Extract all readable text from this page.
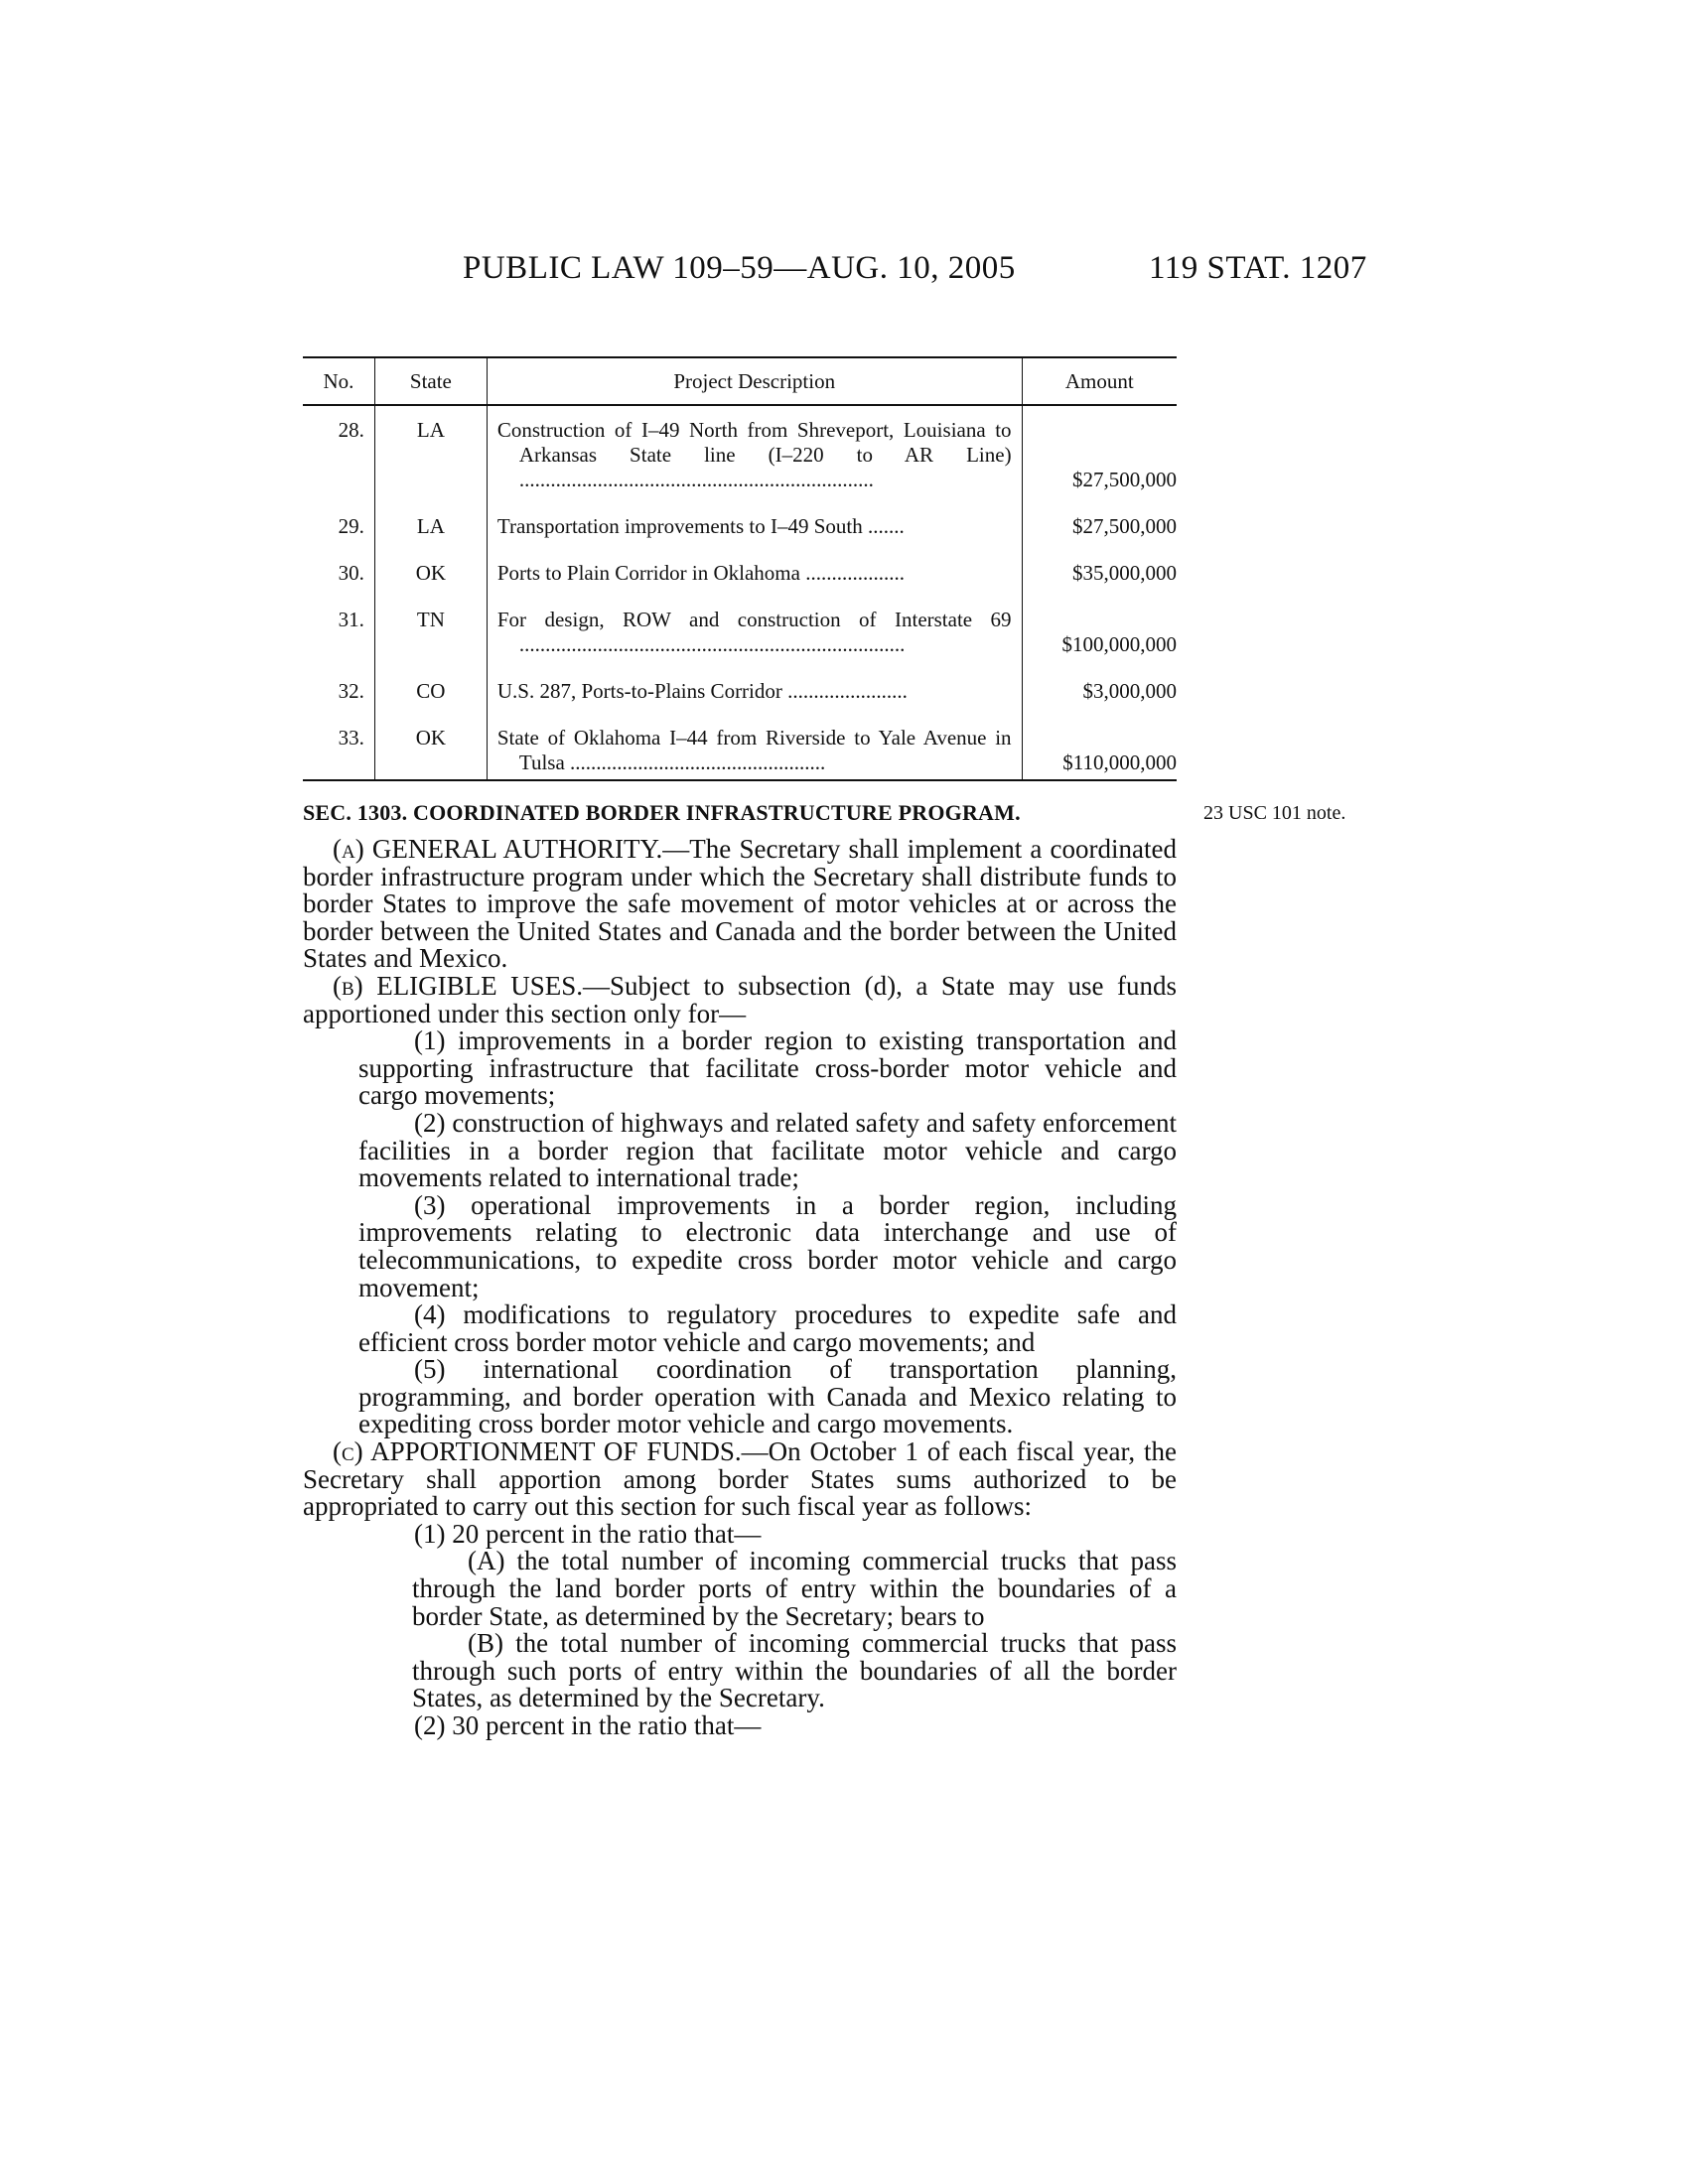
PUBLIC LAW 109–59—AUG. 10, 2005	119 STAT. 1207
No.	State	Project Description	Amount
28.	LA	Construction of I–49 North from Shreveport, Louisiana to Arkansas State line (I–220 to AR Line) ....................................................................	$27,500,000
29.	LA	Transportation improvements to I–49 South .......	$27,500,000
30.	OK	Ports to Plain Corridor in Oklahoma ...................	$35,000,000
31.	TN	For design, ROW and construction of Interstate 69 ..........................................................................	$100,000,000
32.	CO	U.S. 287, Ports-to-Plains Corridor .......................	$3,000,000
33.	OK	State of Oklahoma I–44 from Riverside to Yale Avenue in Tulsa .................................................	$110,000,000
SEC. 1303. COORDINATED BORDER INFRASTRUCTURE PROGRAM.	23 USC 101 note.

(a) GENERAL AUTHORITY.—The Secretary shall implement a coordinated border infrastructure program under which the Secretary shall distribute funds to border States to improve the safe movement of motor vehicles at or across the border between the United States and Canada and the border between the United States and Mexico.

(b) ELIGIBLE USES.—Subject to subsection (d), a State may use funds apportioned under this section only for—

(1) improvements in a border region to existing transportation and supporting infrastructure that facilitate cross-border motor vehicle and cargo movements;

(2) construction of highways and related safety and safety enforcement facilities in a border region that facilitate motor vehicle and cargo movements related to international trade;

(3) operational improvements in a border region, including improvements relating to electronic data interchange and use of telecommunications, to expedite cross border motor vehicle and cargo movement;

(4) modifications to regulatory procedures to expedite safe and efficient cross border motor vehicle and cargo movements; and

(5) international coordination of transportation planning, programming, and border operation with Canada and Mexico relating to expediting cross border motor vehicle and cargo movements.

(c) APPORTIONMENT OF FUNDS.—On October 1 of each fiscal year, the Secretary shall apportion among border States sums authorized to be appropriated to carry out this section for such fiscal year as follows:

(1) 20 percent in the ratio that—

(A) the total number of incoming commercial trucks that pass through the land border ports of entry within the boundaries of a border State, as determined by the Secretary; bears to

(B) the total number of incoming commercial trucks that pass through such ports of entry within the boundaries of all the border States, as determined by the Secretary.

(2) 30 percent in the ratio that—
